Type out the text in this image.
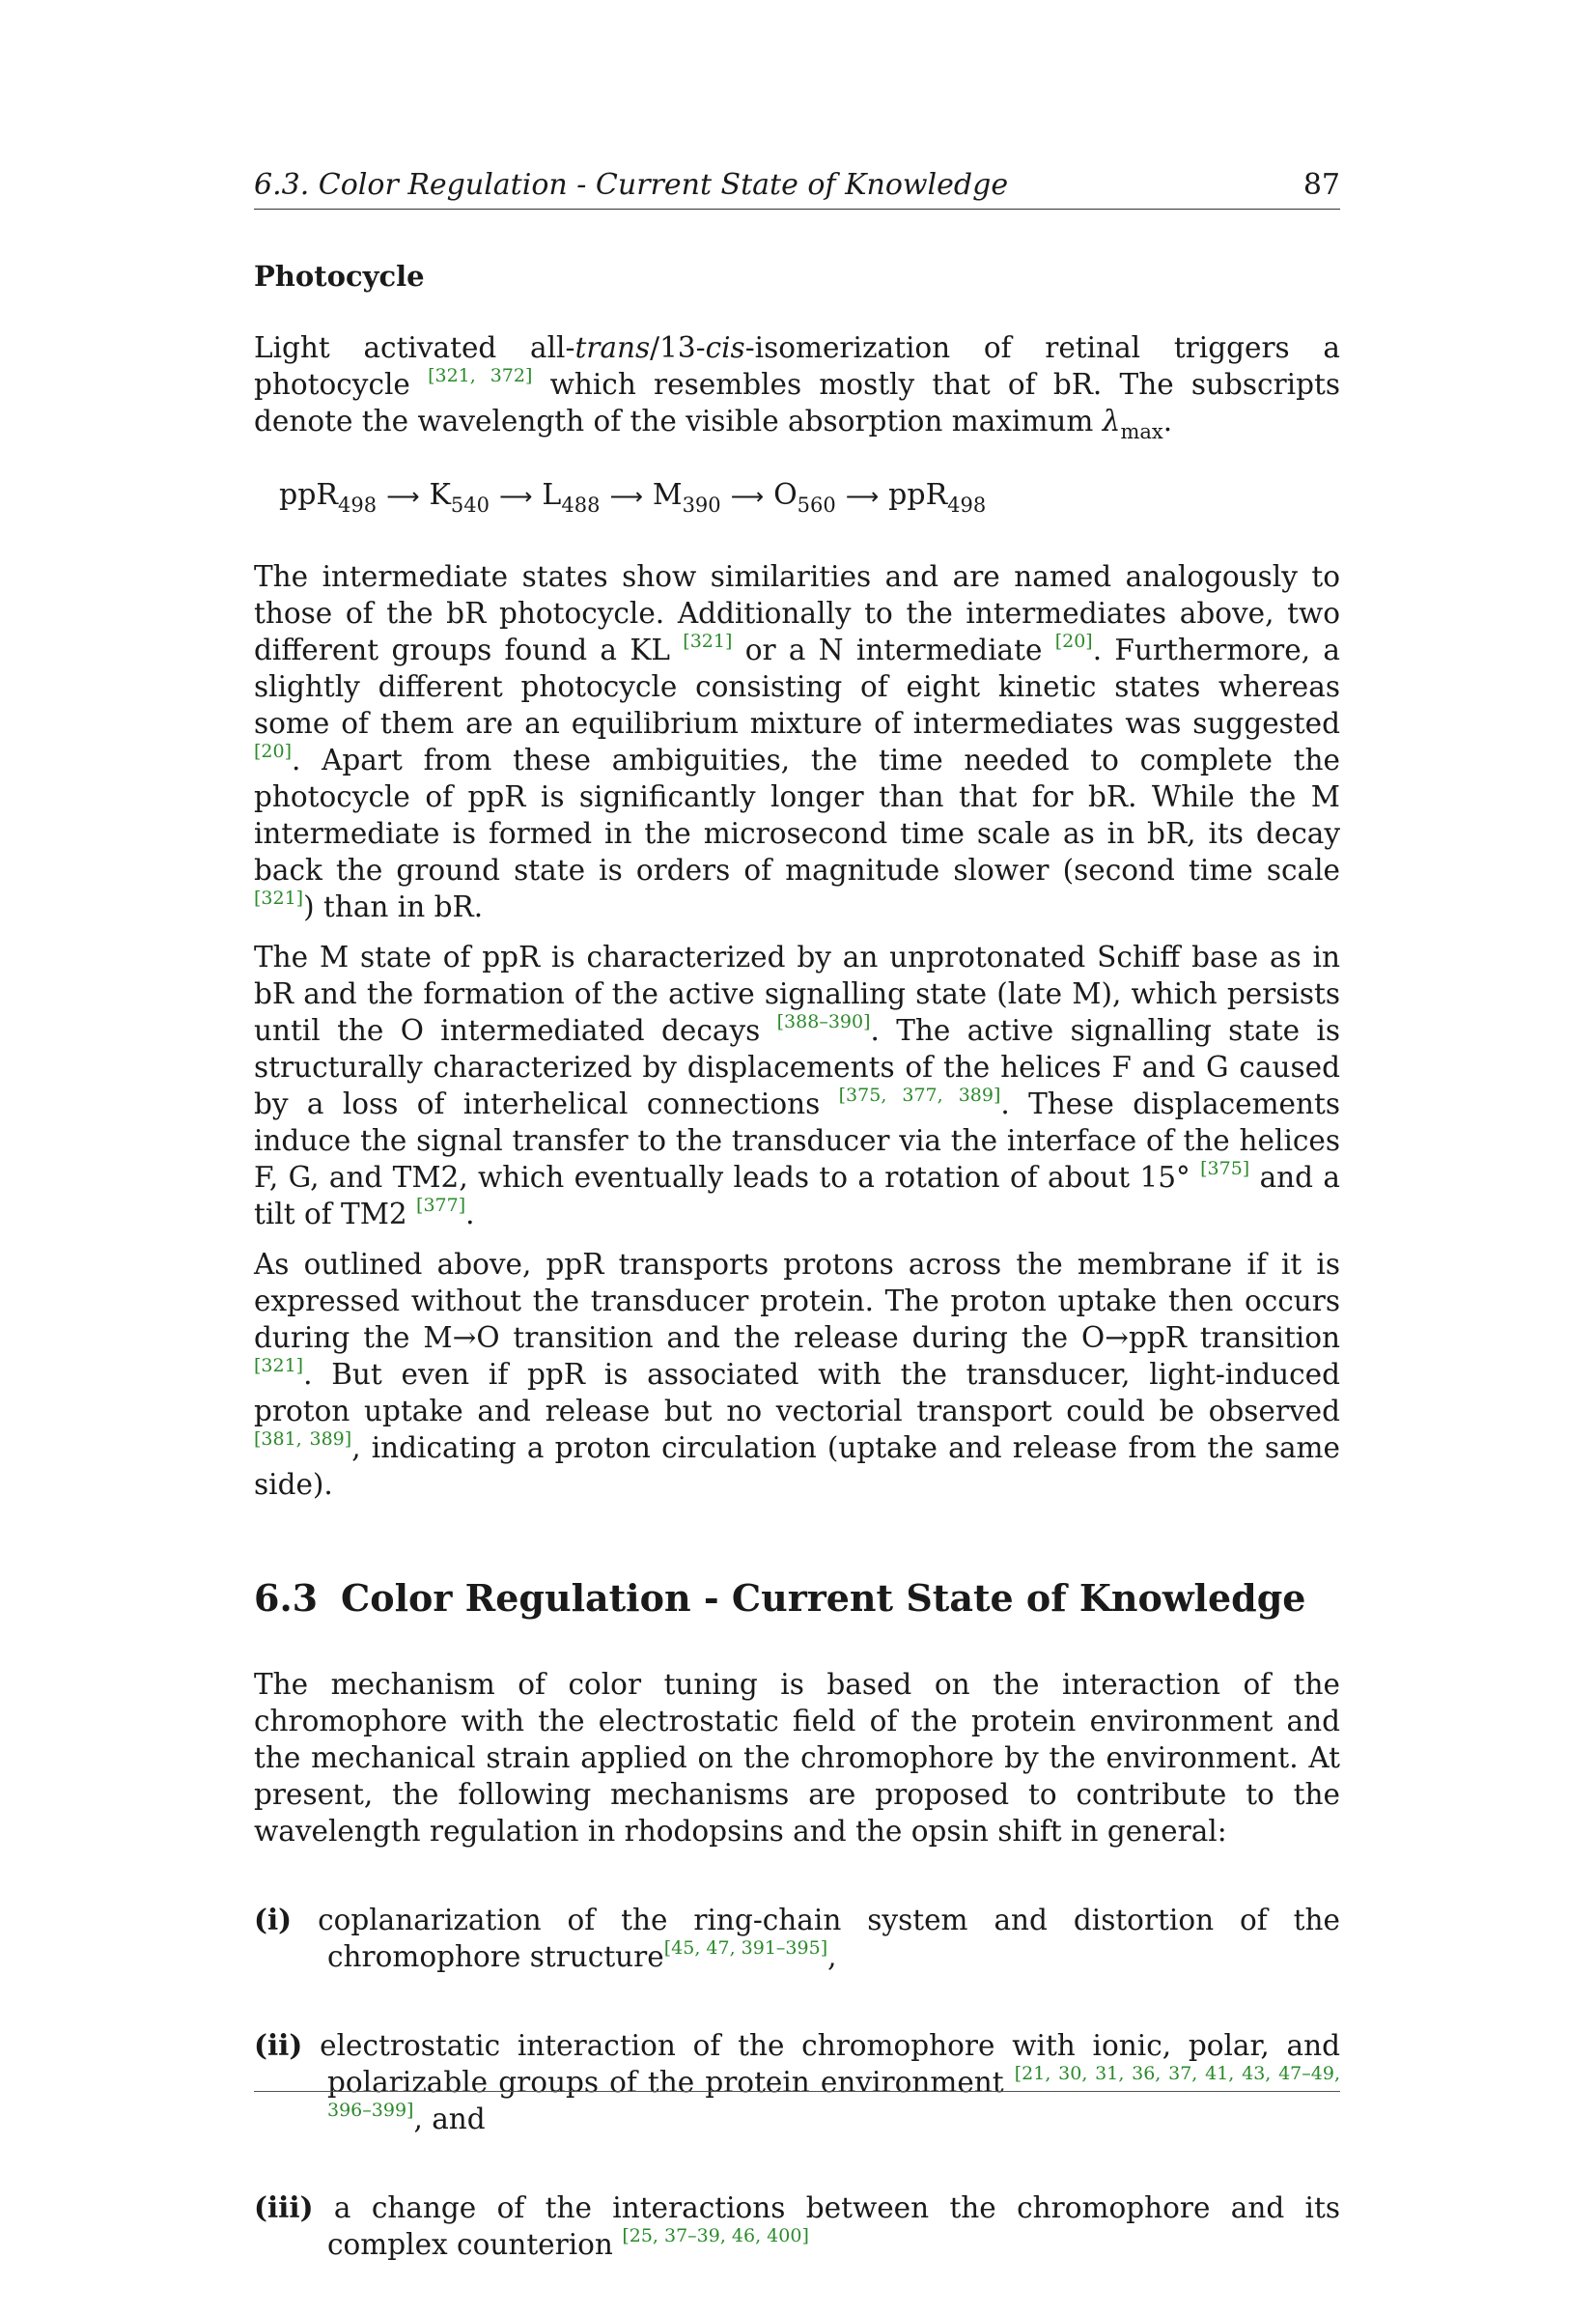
6.3. Color Regulation - Current State of Knowledge	87
Photocycle

Light activated all-trans/13-cis-isomerization of retinal triggers a photocycle [321, 372] which resembles mostly that of bR. The subscripts denote the wavelength of the visible absorption maximum $\lambda_{max}$.

ppR$_{498}$ ⟶ $K_{540}$ ⟶ $L_{488}$ ⟶ $M_{390}$ ⟶ $O_{560}$ ⟶ ppR$_{498}$

The intermediate states show similarities and are named analogously to those of the bR photocycle. Additionally to the intermediates above, two different groups found a KL [321] or a N intermediate [20]. Furthermore, a slightly different photocycle consisting of eight kinetic states whereas some of them are an equilibrium mixture of intermediates was suggested [20]. Apart from these ambiguities, the time needed to complete the photocycle of ppR is significantly longer than that for bR. While the M intermediate is formed in the microsecond time scale as in bR, its decay back the ground state is orders of magnitude slower (second time scale [321]) than in bR.

The M state of ppR is characterized by an unprotonated Schiff base as in bR and the formation of the active signalling state (late M), which persists until the O intermediated decays [388–390]. The active signalling state is structurally characterized by displacements of the helices F and G caused by a loss of interhelical connections [375, 377, 389]. These displacements induce the signal transfer to the transducer via the interface of the helices F, G, and TM2, which eventually leads to a rotation of about 15° [375] and a tilt of TM2 [377].

As outlined above, ppR transports protons across the membrane if it is expressed without the transducer protein. The proton uptake then occurs during the M→O transition and the release during the O→ppR transition [321]. But even if ppR is associated with the transducer, light-induced proton uptake and release but no vectorial transport could be observed [381, 389], indicating a proton circulation (uptake and release from the same side).

6.3 Color Regulation - Current State of Knowledge

The mechanism of color tuning is based on the interaction of the chromophore with the electrostatic field of the protein environment and the mechanical strain applied on the chromophore by the environment. At present, the following mechanisms are proposed to contribute to the wavelength regulation in rhodopsins and the opsin shift in general:

(i) coplanarization of the ring-chain system and distortion of the chromophore structure[45, 47, 391–395],
(ii) electrostatic interaction of the chromophore with ionic, polar, and polarizable groups of the protein environment [21, 30, 31, 36, 37, 41, 43, 47–49, 396–399], and
(iii) a change of the interactions between the chromophore and its complex counterion [25, 37–39, 46, 400]
